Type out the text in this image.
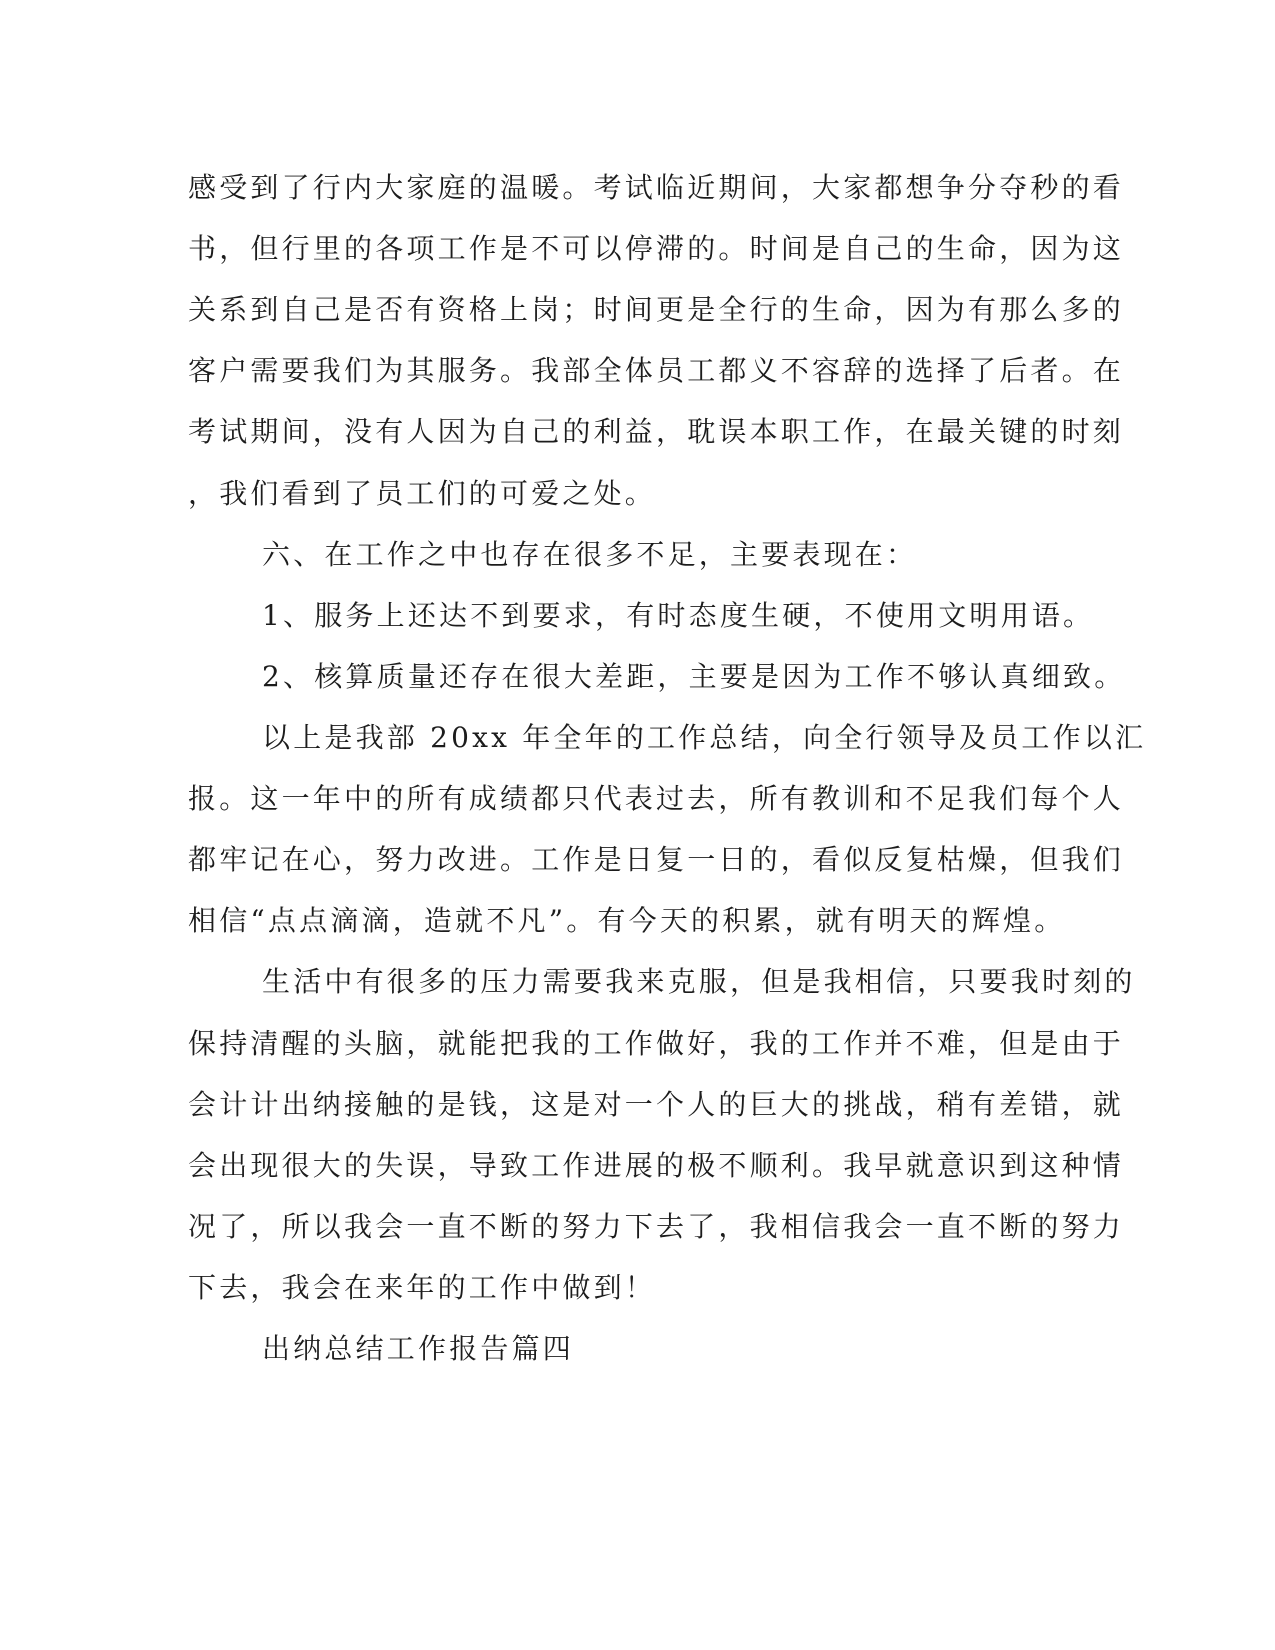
感受到了行内大家庭的温暖。考试临近期间，大家都想争分夺秒的看

书，但行里的各项工作是不可以停滞的。时间是自己的生命，因为这

关系到自己是否有资格上岗；时间更是全行的生命，因为有那么多的

客户需要我们为其服务。我部全体员工都义不容辞的选择了后者。在

考试期间，没有人因为自己的利益，耽误本职工作，在最关键的时刻

，我们看到了员工们的可爱之处。

六、在工作之中也存在很多不足，主要表现在：

1、服务上还达不到要求，有时态度生硬，不使用文明用语。

2、核算质量还存在很大差距，主要是因为工作不够认真细致。

以上是我部 20xx 年全年的工作总结，向全行领导及员工作以汇

报。这一年中的所有成绩都只代表过去，所有教训和不足我们每个人

都牢记在心，努力改进。工作是日复一日的，看似反复枯燥，但我们

相信“点点滴滴，造就不凡”。有今天的积累，就有明天的辉煌。

生活中有很多的压力需要我来克服，但是我相信，只要我时刻的

保持清醒的头脑，就能把我的工作做好，我的工作并不难，但是由于

会计计出纳接触的是钱，这是对一个人的巨大的挑战，稍有差错，就

会出现很大的失误，导致工作进展的极不顺利。我早就意识到这种情

况了，所以我会一直不断的努力下去了，我相信我会一直不断的努力

下去，我会在来年的工作中做到！

出纳总结工作报告篇四
